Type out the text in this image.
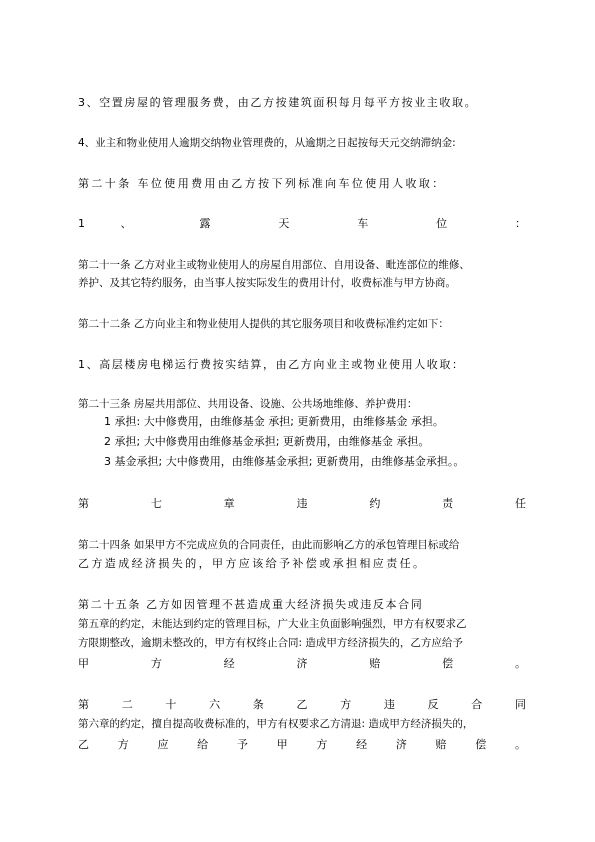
3、空置房屋的管理服务费，由乙方按建筑面积每月每平方按业主收取。
4、业主和物业使用人逾期交纳物业管理费的，从逾期之日起按每天元交纳滞纳金:
第二十条 车位使用费用由乙方按下列标准向车位使用人收取：
1 、 露 天 车 位 ：
第二十一条 乙方对业主或物业使用人的房屋自用部位、自用设备、毗连部位的维修、
养护、及其它特约服务，由当事人按实际发生的费用计付，收费标准与甲方协商。
第二十二条 乙方向业主和物业使用人提供的其它服务项目和收费标准约定如下：
1、高层楼房电梯运行费按实结算，由乙方向业主或物业使用人收取：
第二十三条 房屋共用部位、共用设备、设施、公共场地维修、养护费用：
1 承担: 大中修费用，由维修基金 承担; 更新费用，由维修基金 承担。
2 承担; 大中修费用由维修基金承担; 更新费用，由维修基金 承担。
3 基金承担; 大中修费用，由维修基金承担; 更新费用，由维修基金承担。。
第 七 章 违 约 责 任
第二十四条 如果甲方不完成应负的合同责任，由此而影响乙方的承包管理目标或给
乙方造成经济损失的，甲方应该给予补偿或承担相应责任。
第二十五条 乙方如因管理不甚造成重大经济损失或违反本合同
第五章的约定，未能达到约定的管理目标，广大业主负面影响强烈，甲方有权要求乙
方限期整改，逾期未整改的，甲方有权终止合同: 造成甲方经济损失的，乙方应给予
甲 方 经 济 赔 偿 。
第 二 十 六 条 乙 方 违 反 合 同
第六章的约定，擅自提高收费标准的，甲方有权要求乙方清退: 造成甲方经济损失的，
乙 方 应 给 予 甲 方 经 济 赔 偿 。
